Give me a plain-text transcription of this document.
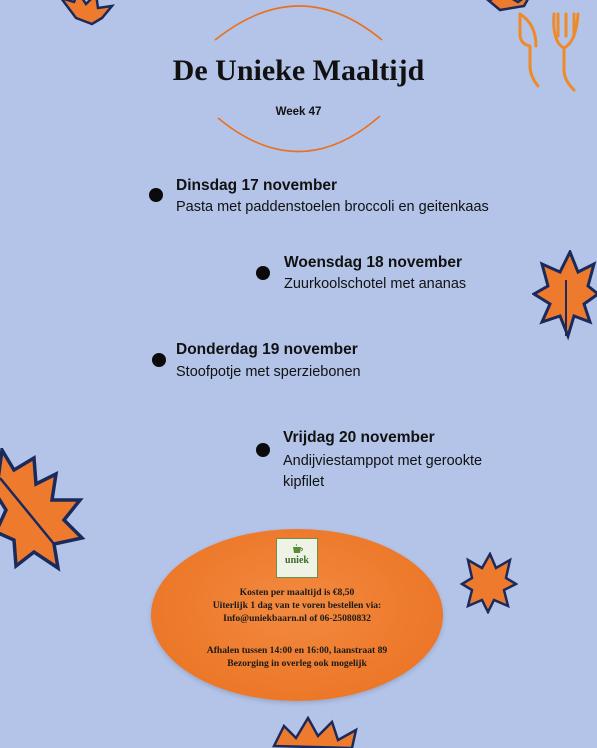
De Unieke Maaltijd
Week 47
Dinsdag 17 november
Pasta met paddenstoelen broccoli en geitenkaas
Woensdag 18 november
Zuurkoolschotel met ananas
Donderdag 19 november
Stoofpotje met sperziebonen
Vrijdag 20 november
Andijviestamppot met gerookte
kipfilet
uniek
Kosten per maaltijd is €8,50
Uiterlijk 1 dag van te voren bestellen via:
Info@uniekbaarn.nl of 06-25080832
Afhalen tussen 14:00 en 16:00, laanstraat 89
Bezorging in overleg ook mogelijk
